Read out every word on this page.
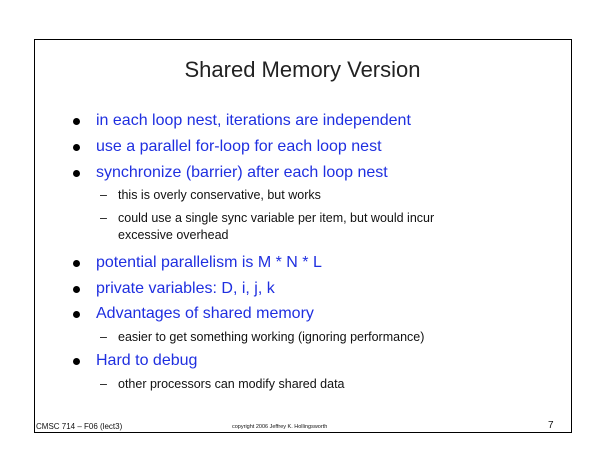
Shared Memory Version
in each loop nest, iterations are independent
use a parallel for-loop for each loop nest
synchronize (barrier) after each loop nest
– this is overly conservative, but works
– could use a single sync variable per item, but would incur
excessive overhead
potential parallelism is M * N * L
private variables: D, i, j, k
Advantages of shared memory
– easier to get something working (ignoring performance)
Hard to debug
– other processors can modify shared data
CMSC 714 – F06 (lect3)	copyright 2006 Jeffrey K. Hollingsworth	7
